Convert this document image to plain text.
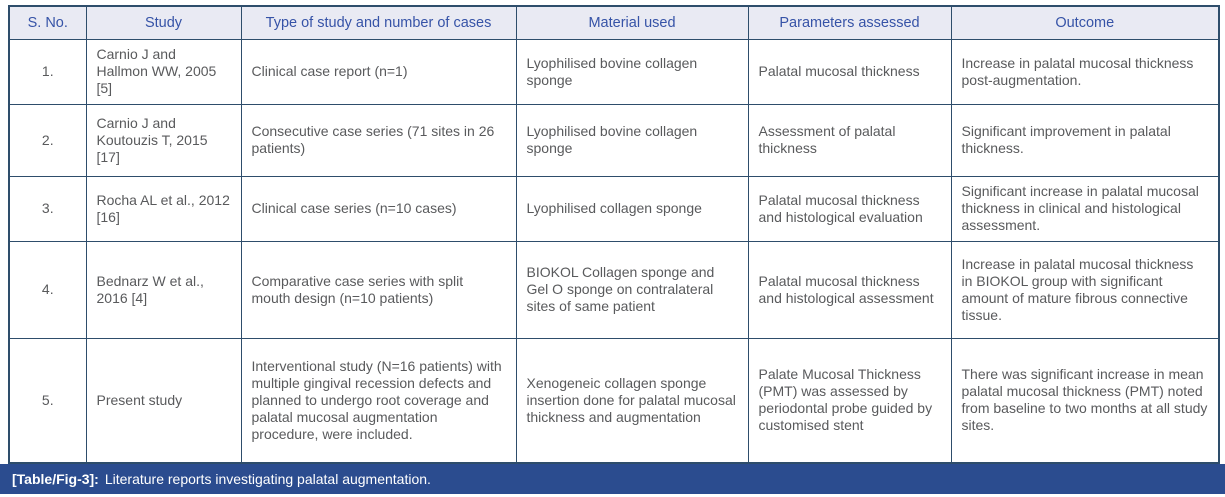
S. No.	Study	Type of study and number of cases	Material used	Parameters assessed	Outcome
1.	Carnio J and Hallmon WW, 2005 [5]	Clinical case report (n=1)	Lyophilised bovine collagen sponge	Palatal mucosal thickness	Increase in palatal mucosal thickness post-augmentation.
2.	Carnio J and Koutouzis T, 2015 [17]	Consecutive case series (71 sites in 26 patients)	Lyophilised bovine collagen sponge	Assessment of palatal thickness	Significant improvement in palatal thickness.
3.	Rocha AL et al., 2012 [16]	Clinical case series (n=10 cases)	Lyophilised collagen sponge	Palatal mucosal thickness and histological evaluation	Significant increase in palatal mucosal thickness in clinical and histological assessment.
4.	Bednarz W et al., 2016 [4]	Comparative case series with split mouth design (n=10 patients)	BIOKOL Collagen sponge and Gel O sponge on contralateral sites of same patient	Palatal mucosal thickness and histological assessment	Increase in palatal mucosal thickness in BIOKOL group with significant amount of mature fibrous connective tissue.
5.	Present study	Interventional study (N=16 patients) with multiple gingival recession defects and planned to undergo root coverage and palatal mucosal augmentation procedure, were included.	Xenogeneic collagen sponge insertion done for palatal mucosal thickness and augmentation	Palate Mucosal Thickness (PMT) was assessed by periodontal probe guided by customised stent	There was significant increase in mean palatal mucosal thickness (PMT) noted from baseline to two months at all study sites.
[Table/Fig-3]: Literature reports investigating palatal augmentation.
